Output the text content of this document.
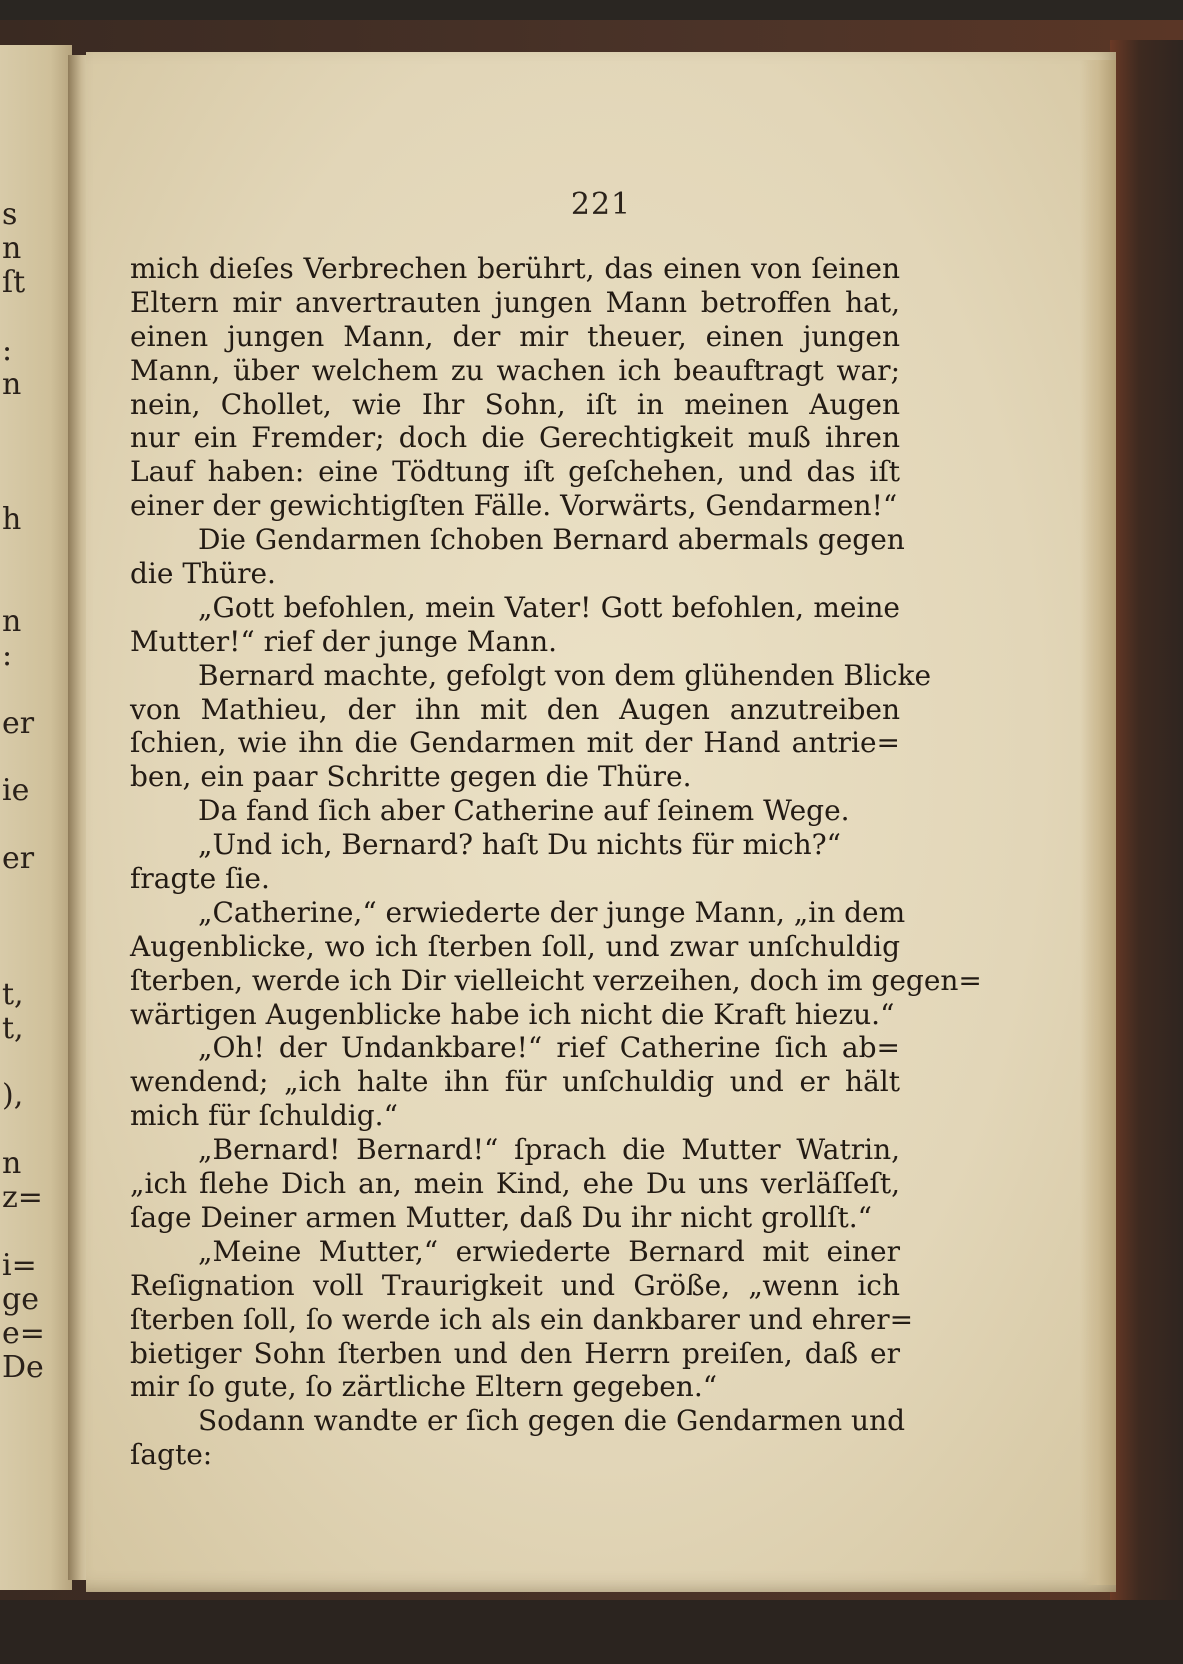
s
n
ſt
:
n
h
n
:
er
ie
er
t,
t,
),
n
z=
i=
ge
e=
De
221
mich dieſes Verbrechen berührt, das einen von ſeinen
Eltern mir anvertrauten jungen Mann betroffen hat,
einen jungen Mann, der mir theuer, einen jungen
Mann, über welchem zu wachen ich beauftragt war;
nein, Chollet, wie Ihr Sohn, iſt in meinen Augen
nur ein Fremder; doch die Gerechtigkeit muß ihren
Lauf haben: eine Tödtung iſt geſchehen, und das iſt
einer der gewichtigſten Fälle. Vorwärts, Gendarmen!“
Die Gendarmen ſchoben Bernard abermals gegen
die Thüre.
„Gott befohlen, mein Vater! Gott befohlen, meine
Mutter!“ rief der junge Mann.
Bernard machte, gefolgt von dem glühenden Blicke
von Mathieu, der ihn mit den Augen anzutreiben
ſchien, wie ihn die Gendarmen mit der Hand antrie=
ben, ein paar Schritte gegen die Thüre.
Da fand ſich aber Catherine auf ſeinem Wege.
„Und ich, Bernard? haſt Du nichts für mich?“
fragte ſie.
„Catherine,“ erwiederte der junge Mann, „in dem
Augenblicke, wo ich ſterben ſoll, und zwar unſchuldig
ſterben, werde ich Dir vielleicht verzeihen, doch im gegen=
wärtigen Augenblicke habe ich nicht die Kraft hiezu.“
„Oh! der Undankbare!“ rief Catherine ſich ab=
wendend; „ich halte ihn für unſchuldig und er hält
mich für ſchuldig.“
„Bernard! Bernard!“ ſprach die Mutter Watrin,
„ich flehe Dich an, mein Kind, ehe Du uns verläſſeſt,
ſage Deiner armen Mutter, daß Du ihr nicht grollſt.“
„Meine Mutter,“ erwiederte Bernard mit einer
Reſignation voll Traurigkeit und Größe, „wenn ich
ſterben ſoll, ſo werde ich als ein dankbarer und ehrer=
bietiger Sohn ſterben und den Herrn preiſen, daß er
mir ſo gute, ſo zärtliche Eltern gegeben.“
Sodann wandte er ſich gegen die Gendarmen und
ſagte:
